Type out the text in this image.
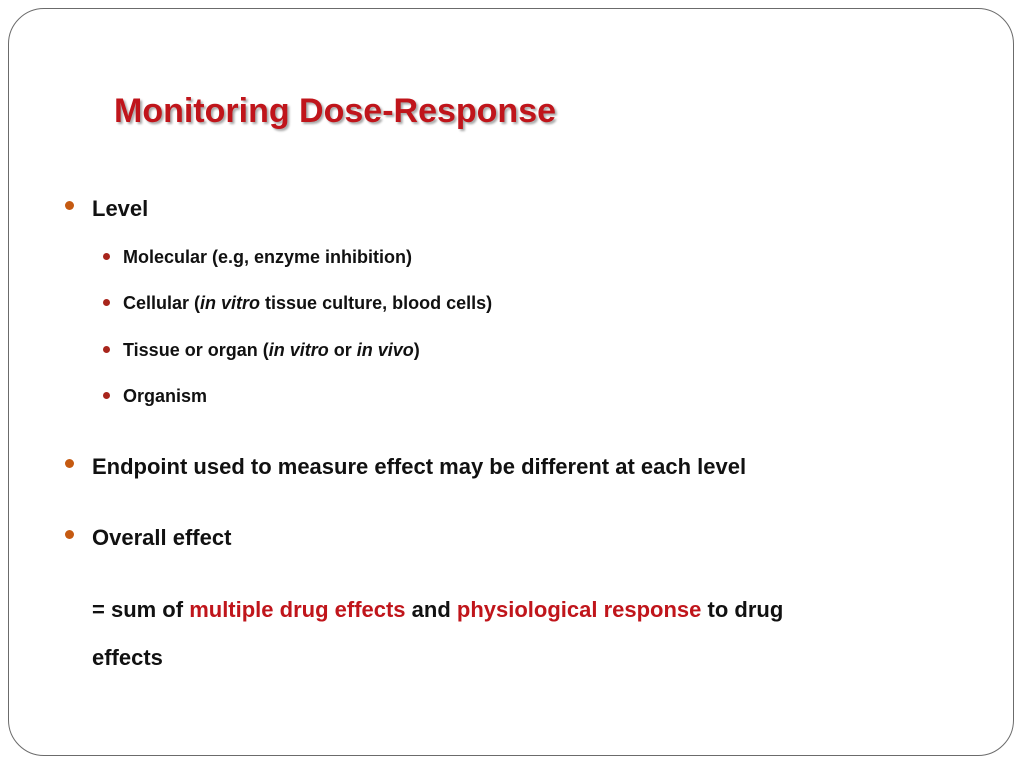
Monitoring Dose-Response
Level
Molecular (e.g, enzyme inhibition)
Cellular (in vitro tissue culture, blood cells)
Tissue or organ (in vitro or in vivo)
Organism
Endpoint used to measure effect may be different at each level
Overall effect
= sum of multiple drug effects and physiological response to drug
effects
